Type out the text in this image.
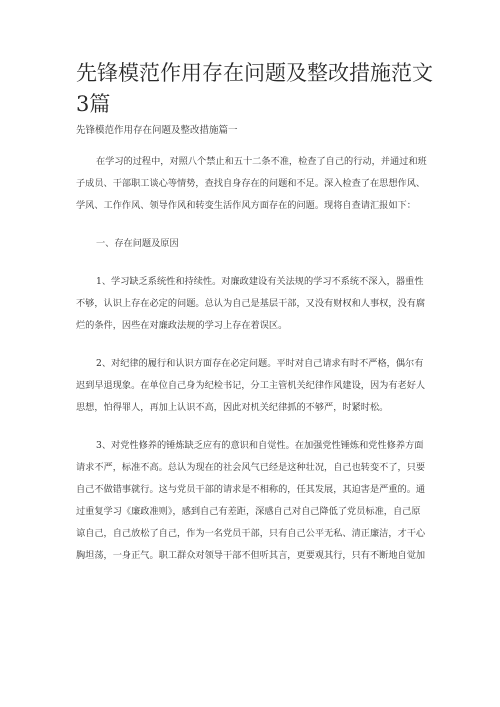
先锋模范作用存在问题及整改措施范文3篇
先锋模范作用存在问题及整改措施篇一
在学习的过程中，对照八个禁止和五十二条不准，检查了自己的行动，并通过和班
子成员、干部职工谈心等情势，查找自身存在的问题和不足。深入检查了在思想作风、
学风、工作作风、领导作风和转变生活作风方面存在的问题。现将自查请汇报如下：
一、存在问题及原因
1、学习缺乏系统性和持续性。对廉政建设有关法规的学习不系统不深入，器重性
不够，认识上存在必定的问题。总认为自己是基层干部，又没有财权和人事权，没有腐
烂的条件，因些在对廉政法规的学习上存在着误区。
2、对纪律的履行和认识方面存在必定问题。平时对自己请求有时不严格，偶尔有
迟到早退现象。在单位自己身为纪检书记，分工主管机关纪律作风建设，因为有老好人
思想，怕得罪人，再加上认识不高，因此对机关纪律抓的不够严，时紧时松。
3、对党性修养的锤炼缺乏应有的意识和自觉性。在加强党性锤炼和党性修养方面
请求不严，标准不高。总认为现在的社会风气已经是这种壮况，自己也转变不了，只要
自己不做错事就行。这与党员干部的请求是不相称的，任其发展，其迫害是严重的。通
过重复学习《廉政准则》，感到自己有差距，深感自己对自己降低了党员标准，自己原
谅自己，自己放松了自己，作为一名党员干部，只有自己公平无私、清正廉洁，才干心
胸坦荡，一身正气。职工群众对领导干部不但听其言，更要观其行，只有不断地自觉加
